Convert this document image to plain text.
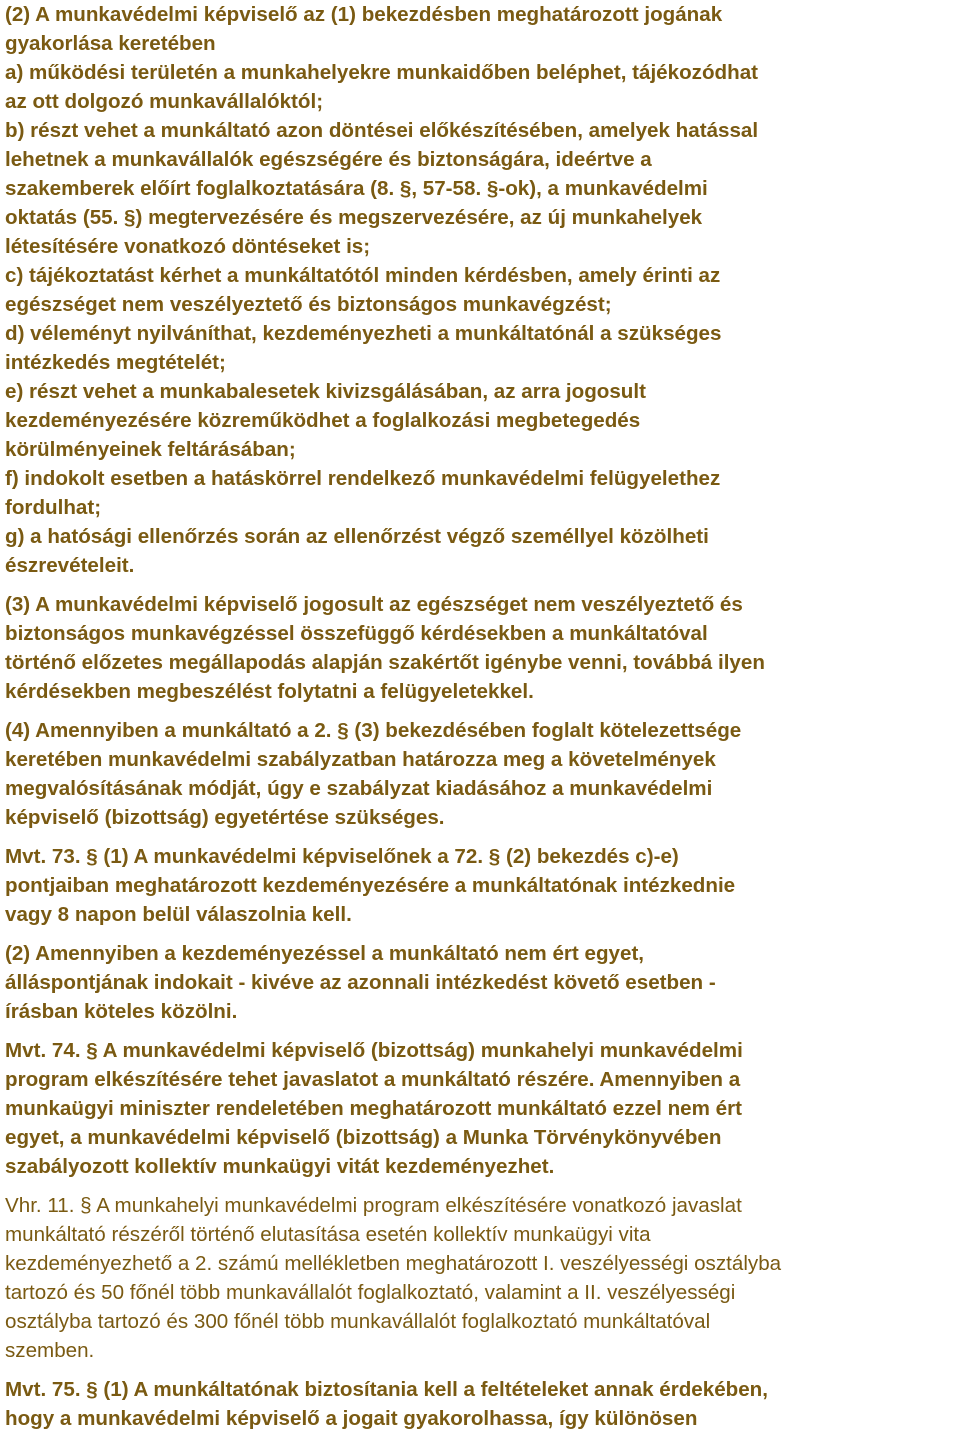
(2) A munkavédelmi képviselő az (1) bekezdésben meghatározott jogának
gyakorlása keretében
a) működési területén a munkahelyekre munkaidőben beléphet, tájékozódhat
az ott dolgozó munkavállalóktól;
b) részt vehet a munkáltató azon döntései előkészítésében, amelyek hatással
lehetnek a munkavállalók egészségére és biztonságára, ideértve a
szakemberek előírt foglalkoztatására (8. §, 57-58. §-ok), a munkavédelmi
oktatás (55. §) megtervezésére és megszervezésére, az új munkahelyek
létesítésére vonatkozó döntéseket is;
c) tájékoztatást kérhet a munkáltatótól minden kérdésben, amely érinti az
egészséget nem veszélyeztető és biztonságos munkavégzést;
d) véleményt nyilváníthat, kezdeményezheti a munkáltatónál a szükséges
intézkedés megtételét;
e) részt vehet a munkabalesetek kivizsgálásában, az arra jogosult
kezdeményezésére közreműködhet a foglalkozási megbetegedés
körülményeinek feltárásában;
f) indokolt esetben a hatáskörrel rendelkező munkavédelmi felügyelethez
fordulhat;
g) a hatósági ellenőrzés során az ellenőrzést végző személlyel közölheti
észrevételeit.
(3) A munkavédelmi képviselő jogosult az egészséget nem veszélyeztető és
biztonságos munkavégzéssel összefüggő kérdésekben a munkáltatóval
történő előzetes megállapodás alapján szakértőt igénybe venni, továbbá ilyen
kérdésekben megbeszélést folytatni a felügyeletekkel.
(4) Amennyiben a munkáltató a 2. § (3) bekezdésében foglalt kötelezettsége
keretében munkavédelmi szabályzatban határozza meg a követelmények
megvalósításának módját, úgy e szabályzat kiadásához a munkavédelmi
képviselő (bizottság) egyetértése szükséges.
Mvt. 73. § (1) A munkavédelmi képviselőnek a 72. § (2) bekezdés c)-e)
pontjaiban meghatározott kezdeményezésére a munkáltatónak intézkednie
vagy 8 napon belül válaszolnia kell.
(2) Amennyiben a kezdeményezéssel a munkáltató nem ért egyet,
álláspontjának indokait - kivéve az azonnali intézkedést követő esetben -
írásban köteles közölni.
Mvt. 74. § A munkavédelmi képviselő (bizottság) munkahelyi munkavédelmi
program elkészítésére tehet javaslatot a munkáltató részére. Amennyiben a
munkaügyi miniszter rendeletében meghatározott munkáltató ezzel nem ért
egyet, a munkavédelmi képviselő (bizottság) a Munka Törvénykönyvében
szabályozott kollektív munkaügyi vitát kezdeményezhet.
Vhr. 11. § A munkahelyi munkavédelmi program elkészítésére vonatkozó javaslat
munkáltató részéről történő elutasítása esetén kollektív munkaügyi vita
kezdeményezhető a 2. számú mellékletben meghatározott I. veszélyességi osztályba
tartozó és 50 főnél több munkavállalót foglalkoztató, valamint a II. veszélyességi
osztályba tartozó és 300 főnél több munkavállalót foglalkoztató munkáltatóval
szemben.
Mvt. 75. § (1) A munkáltatónak biztosítania kell a feltételeket annak érdekében,
hogy a munkavédelmi képviselő a jogait gyakorolhassa, így különösen
